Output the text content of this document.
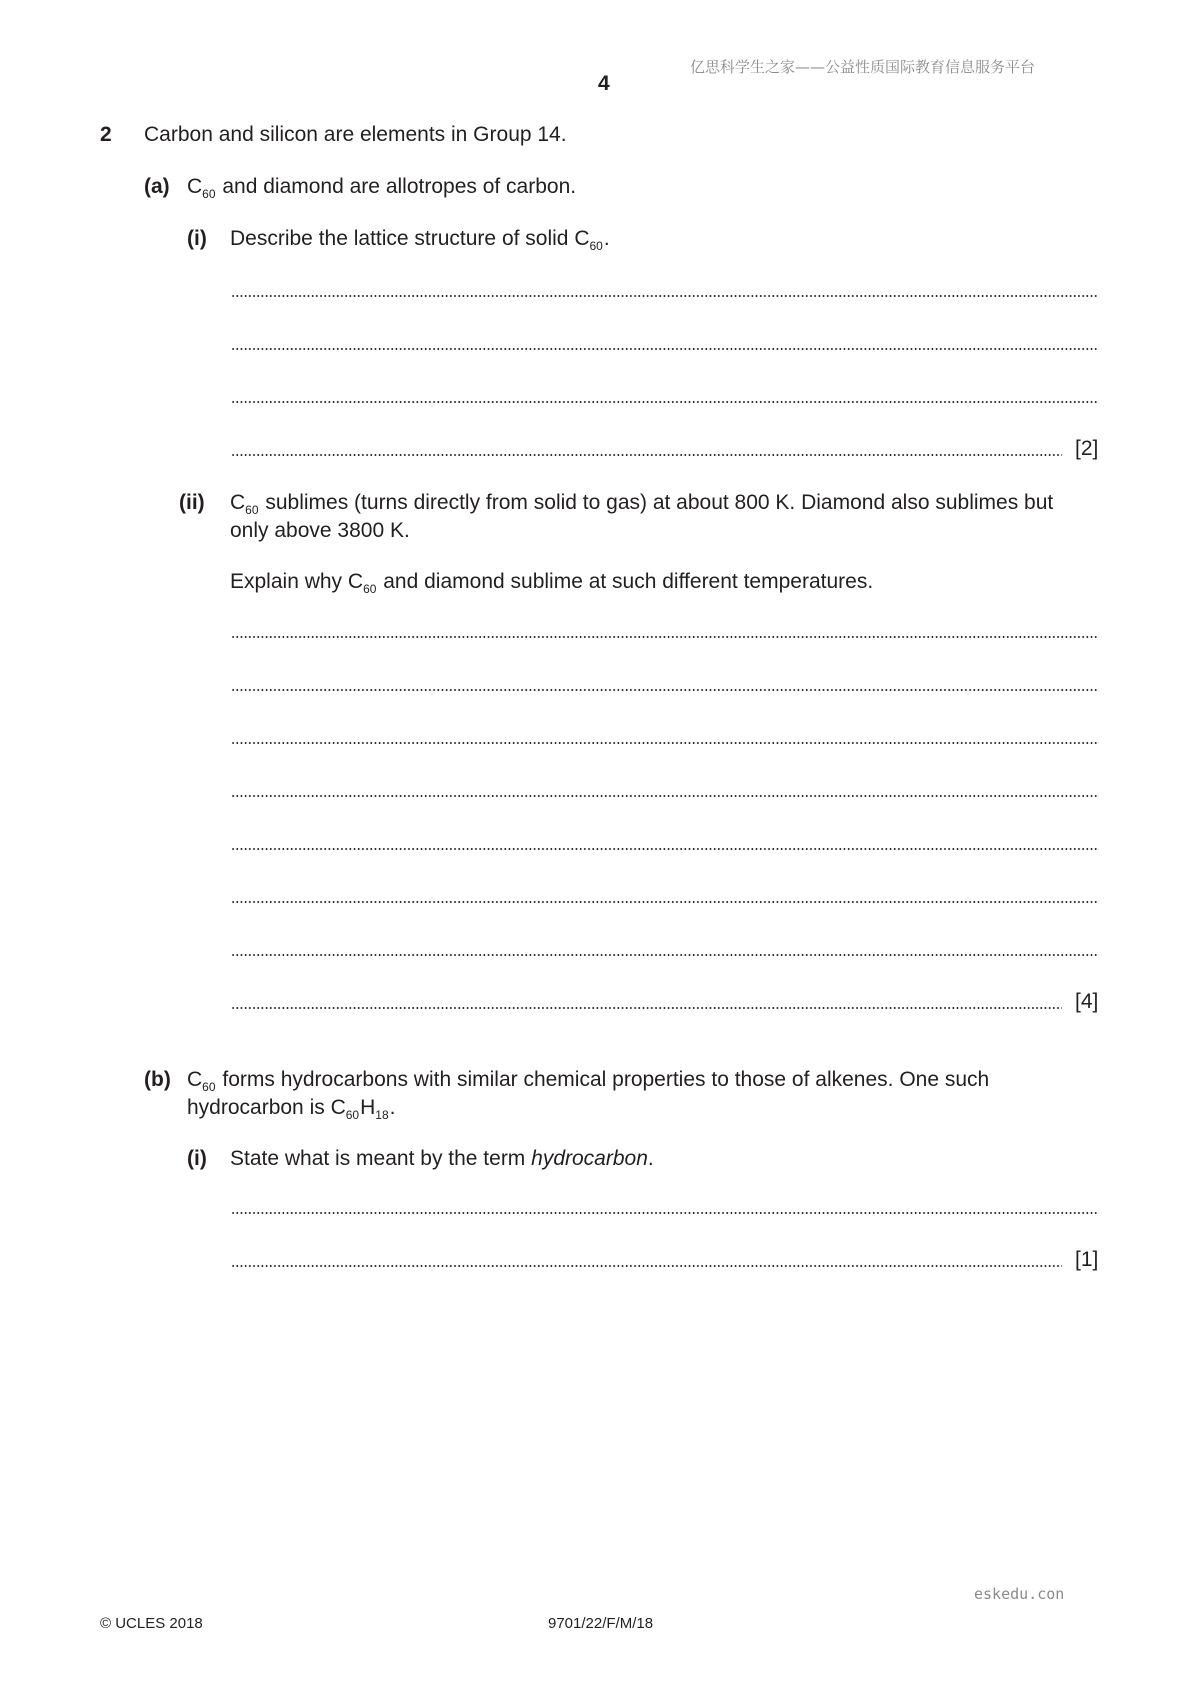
亿思科学生之家——公益性质国际教育信息服务平台
4
2 Carbon and silicon are elements in Group 14.
(a) $C_{60}$ and diamond are allotropes of carbon.
(i) Describe the lattice structure of solid $C_{60}$.
[2]
(ii) $C_{60}$ sublimes (turns directly from solid to gas) at about 800 K. Diamond also sublimes but
only above 3800 K.
Explain why $C_{60}$ and diamond sublime at such different temperatures.
[4]
(b) $C_{60}$ forms hydrocarbons with similar chemical properties to those of alkenes. One such
hydrocarbon is $C_{60}H_{18}$.
(i) State what is meant by the term hydrocarbon.
[1]
eskedu.con
© UCLES 2018	9701/22/F/M/18
